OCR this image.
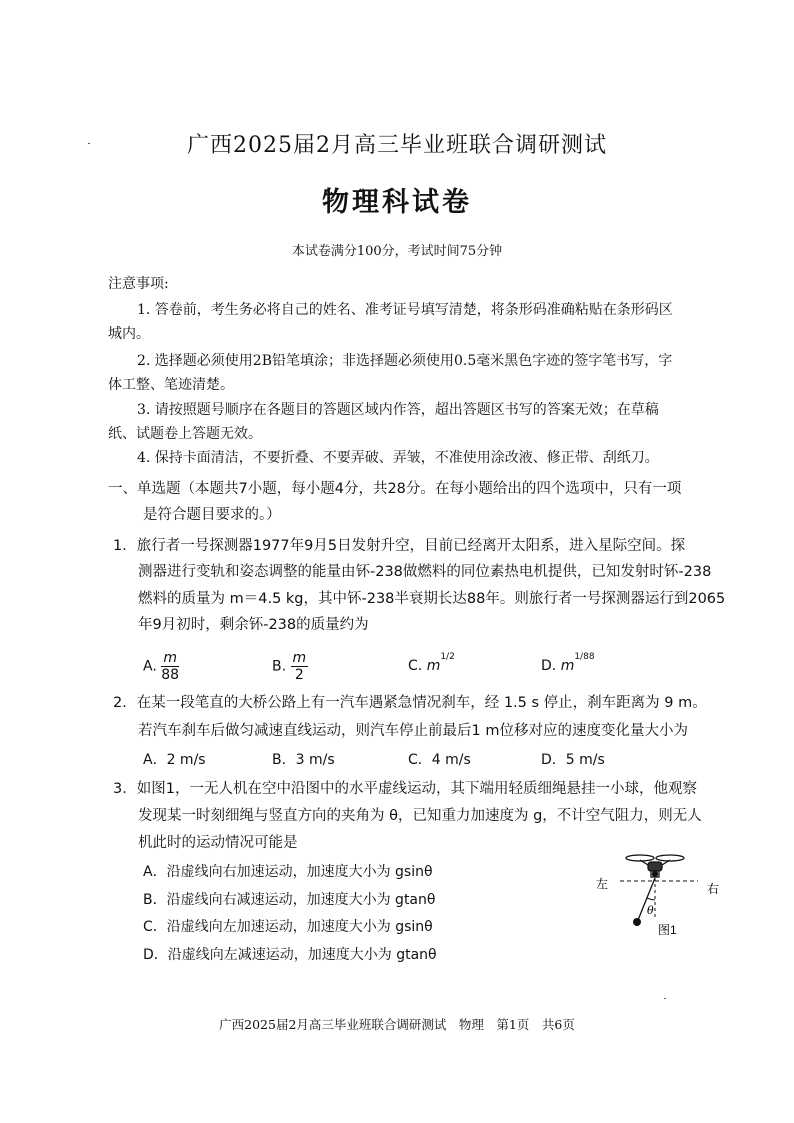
广西2025届2月高三毕业班联合调研测试
物理科试卷
本试卷满分100分，考试时间75分钟
注意事项:
1. 答卷前，考生务必将自己的姓名、准考证号填写清楚，将条形码准确粘贴在条形码区
城内。
2. 选择题必须使用2B铅笔填涂；非选择题必须使用0.5毫米黑色字迹的签字笔书写，字
体工整、笔迹清楚。
3. 请按照题号顺序在各题目的答题区域内作答，超出答题区书写的答案无效；在草稿
纸、试题卷上答题无效。
4. 保持卡面清洁，不要折叠、不要弄破、弄皱，不准使用涂改液、修正带、刮纸刀。
一、单选题（本题共7小题，每小题4分，共28分。在每小题给出的四个选项中，只有一项
是符合题目要求的。）
1．旅行者一号探测器1977年9月5日发射升空，目前已经离开太阳系，进入星际空间。探
测器进行变轨和姿态调整的能量由钚-238做燃料的同位素热电机提供，已知发射时钚-238
燃料的质量为 m＝4.5 kg，其中钚-238半衰期长达88年。则旅行者一号探测器运行到2065
年9月初时，剩余钚-238的质量约为
A. $\frac{m}{88}$	B. $\frac{m}{2}$	C. $m^{1/2}$
D. $m^{1/88}$
2．在某一段笔直的大桥公路上有一汽车遇紧急情况刹车，经 1.5 s 停止，刹车距离为 9 m。
若汽车刹车后做匀减速直线运动，则汽车停止前最后1 m位移对应的速度变化量大小为
A．2 m/s	B．3 m/s	C．4 m/s	D．5 m/s
3．如图1，一无人机在空中沿图中的水平虚线运动，其下端用轻质细绳悬挂一小球，他观察
发现某一时刻细绳与竖直方向的夹角为 θ，已知重力加速度为 g，不计空气阻力，则无人
机此时的运动情况可能是
A．沿虚线向右加速运动，加速度大小为 gsinθ
B．沿虚线向右减速运动，加速度大小为 gtanθ
C．沿虚线向左加速运动，加速度大小为 gsinθ
D．沿虚线向左减速运动，加速度大小为 gtanθ
左	右
θ
图1
广西2025届2月高三毕业班联合调研测试　物理　第1页　共6页
